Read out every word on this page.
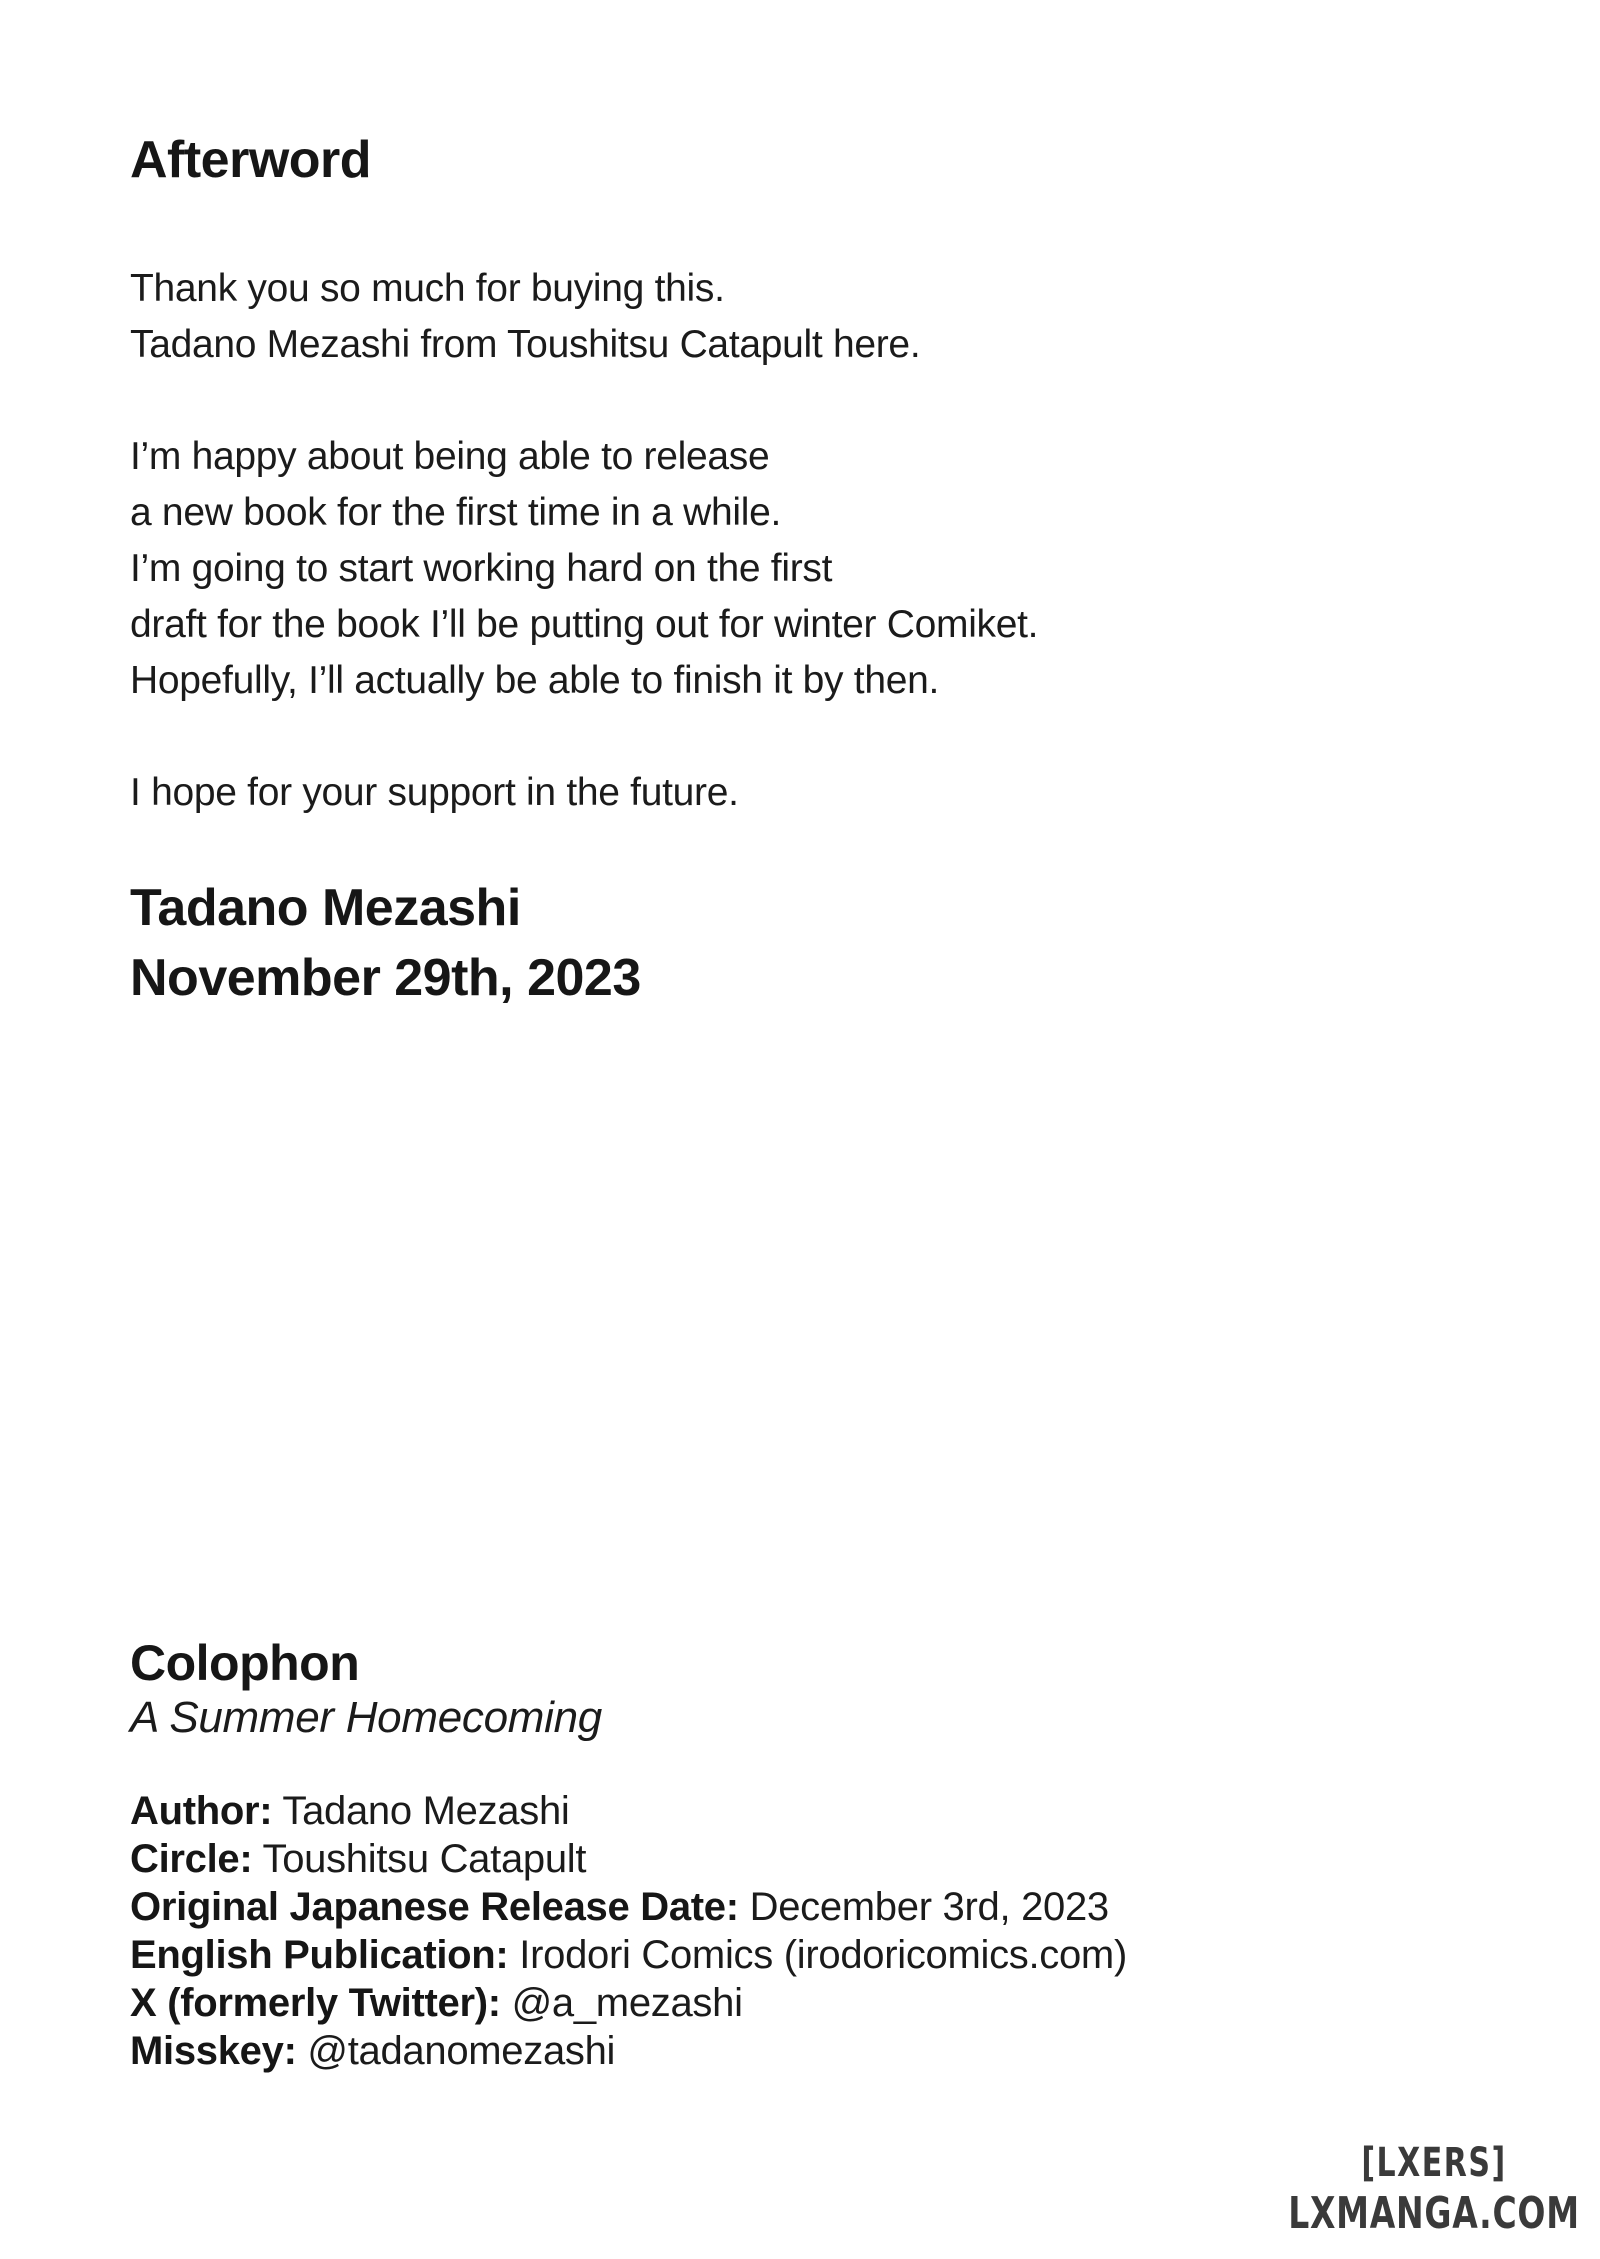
Afterword
Thank you so much for buying this.
Tadano Mezashi from Toushitsu Catapult here.
I’m happy about being able to release
a new book for the first time in a while.
I’m going to start working hard on the first
draft for the book I’ll be putting out for winter Comiket.
Hopefully, I’ll actually be able to finish it by then.
I hope for your support in the future.
Tadano Mezashi
November 29th, 2023
Colophon
A Summer Homecoming
Author: Tadano Mezashi
Circle: Toushitsu Catapult
Original Japanese Release Date: December 3rd, 2023
English Publication: Irodori Comics (irodoricomics.com)
X (formerly Twitter): @a_mezashi
Misskey: @tadanomezashi
[LXERS]
LXMANGA.COM
